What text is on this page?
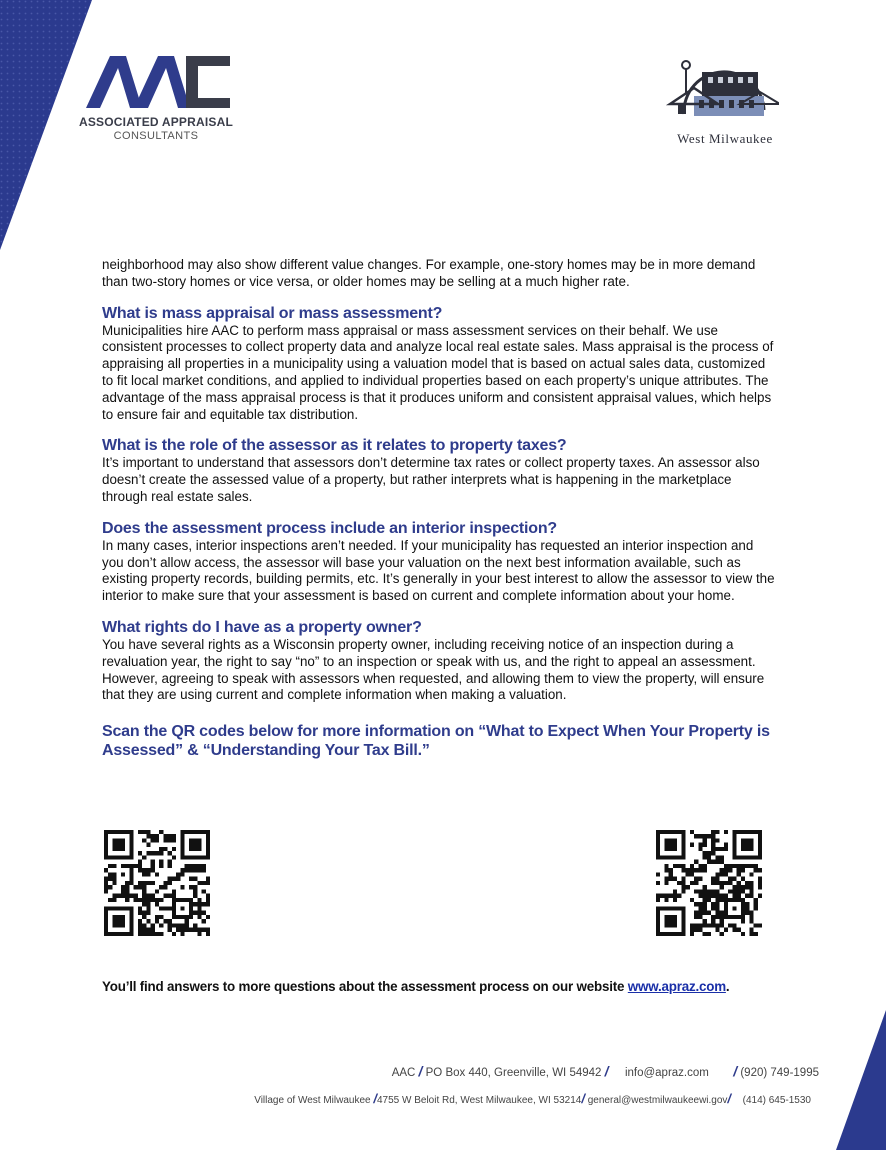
ASSOCIATED APPRAISAL
CONSULTANTS	West Milwaukee

neighborhood may also show different value changes. For example, one-story homes may be in more demand than two-story homes or vice versa, or older homes may be selling at a much higher rate.

What is mass appraisal or mass assessment?

Municipalities hire AAC to perform mass appraisal or mass assessment services on their behalf. We use consistent processes to collect property data and analyze local real estate sales. Mass appraisal is the process of appraising all properties in a municipality using a valuation model that is based on actual sales data, customized to fit local market conditions, and applied to individual properties based on each property’s unique attributes. The advantage of the mass appraisal process is that it produces uniform and consistent appraisal values, which helps to ensure fair and equitable tax distribution.

What is the role of the assessor as it relates to property taxes?

It’s important to understand that assessors don’t determine tax rates or collect property taxes. An assessor also doesn’t create the assessed value of a property, but rather interprets what is happening in the marketplace through real estate sales.

Does the assessment process include an interior inspection?

In many cases, interior inspections aren’t needed. If your municipality has requested an interior inspection and you don’t allow access, the assessor will base your valuation on the next best information available, such as existing property records, building permits, etc. It’s generally in your best interest to allow the assessor to view the interior to make sure that your assessment is based on current and complete information about your home.

What rights do I have as a property owner?

You have several rights as a Wisconsin property owner, including receiving notice of an inspection during a revaluation year, the right to say “no” to an inspection or speak with us, and the right to appeal an assessment. However, agreeing to speak with assessors when requested, and allowing them to view the property, will ensure that they are using current and complete information when making a valuation.

Scan the QR codes below for more information on “What to Expect When Your Property is Assessed” & “Understanding Your Tax Bill.”
You’ll find answers to more questions about the assessment process on our website www.apraz.com.
AAC / PO Box 440, Greenville, WI 54942 / info@apraz.com / (920) 749-1995
Village of West Milwaukee /4755 W Beloit Rd, West Milwaukee, WI 53214/ general@westmilwaukeewi.gov/ (414) 645-1530
